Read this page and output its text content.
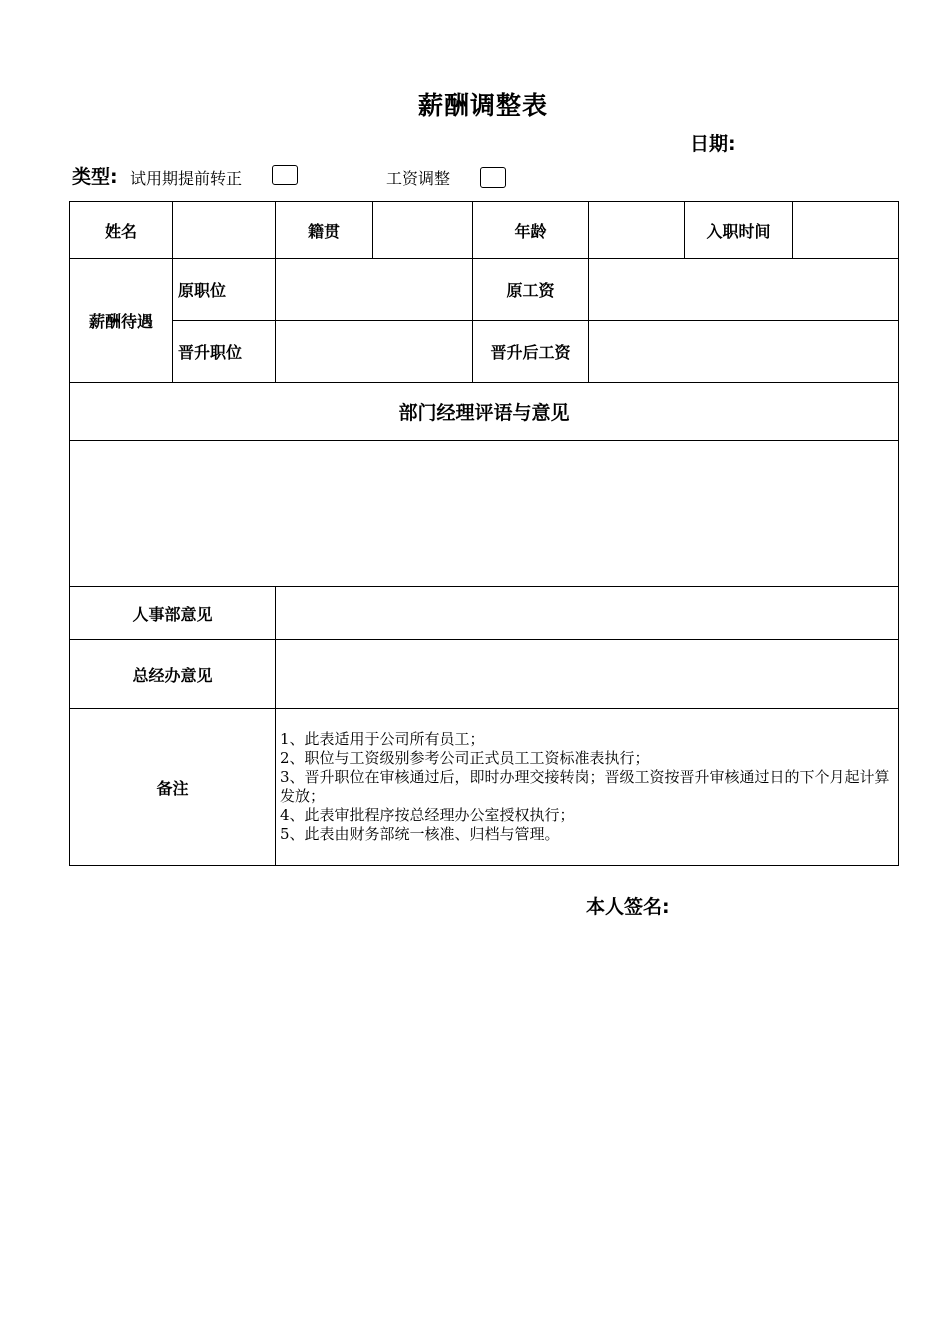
薪酬调整表
日期:
类型: 试用期提前转正	工资调整
姓名		籍贯		年龄		入职时间	
薪酬待遇	原职位			原工资			
	晋升职位			晋升后工资			
部门经理评语与意见							

人事部意见							
总经办意见							
备注		1、此表适用于公司所有员工；
2、职位与工资级别参考公司正式员工工资标准表执行；
3、晋升职位在审核通过后，即时办理交接转岗；晋级工资按晋升审核通过日的下个月起计算发放；
4、此表审批程序按总经理办公室授权执行；
5、此表由财务部统一核准、归档与管理。					
本人签名:
